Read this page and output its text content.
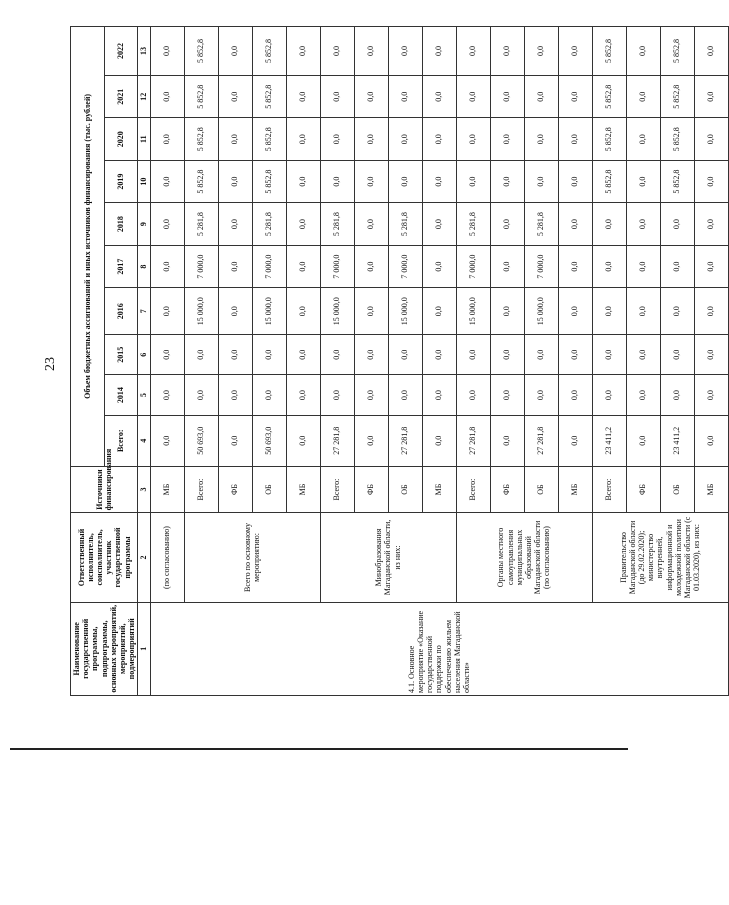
23
Наименование государственной программы, подпрограммы, основных мероприятий, мероприятий, подмероприятий	Ответственный исполнитель, соисполнитель, участник государственной программы	Источники финансирования	Объем бюджетных ассигнований и иных источников финансирования (тыс. рублей)									
			Всего:	2014	2015	2016	2017	2018	2019	2020	2021	2022
1	2	3	4	5	6	7	8	9	10	11	12	13
4.1. Основное мероприятие «Оказание государственной поддержки по обеспечению жильем населения Магаданской области»	(по согласованию)	МБ	0,0	0,0	0,0	0,0	0,0	0,0	0,0	0,0	0,0	0,0
	Всего по основному мероприятию:	Всего:	50 693,0	0,0	0,0	15 000,0	7 000,0	5 281,8	5 852,8	5 852,8	5 852,8	5 852,8
		ФБ	0,0	0,0	0,0	0,0	0,0	0,0	0,0	0,0	0,0	0,0
		ОБ	50 693,0	0,0	0,0	15 000,0	7 000,0	5 281,8	5 852,8	5 852,8	5 852,8	5 852,8
		МБ	0,0	0,0	0,0	0,0	0,0	0,0	0,0	0,0	0,0	0,0
	Минобразования Магаданской области, из них:	Всего:	27 281,8	0,0	0,0	15 000,0	7 000,0	5 281,8	0,0	0,0	0,0	0,0
		ФБ	0,0	0,0	0,0	0,0	0,0	0,0	0,0	0,0	0,0	0,0
		ОБ	27 281,8	0,0	0,0	15 000,0	7 000,0	5 281,8	0,0	0,0	0,0	0,0
		МБ	0,0	0,0	0,0	0,0	0,0	0,0	0,0	0,0	0,0	0,0
	Органы местного самоуправления муниципальных образований Магаданской области (по согласованию)	Всего:	27 281,8	0,0	0,0	15 000,0	7 000,0	5 281,8	0,0	0,0	0,0	0,0
		ФБ	0,0	0,0	0,0	0,0	0,0	0,0	0,0	0,0	0,0	0,0
		ОБ	27 281,8	0,0	0,0	15 000,0	7 000,0	5 281,8	0,0	0,0	0,0	0,0
		МБ	0,0	0,0	0,0	0,0	0,0	0,0	0,0	0,0	0,0	0,0
	Правительство Магаданской области (до 29.02.2020); министерство внутренней, информационной и молодежной политики Магаданской области (с 01.03.2020), из них:	Всего:	23 411,2	0,0	0,0	0,0	0,0	0,0	5 852,8	5 852,8	5 852,8	5 852,8
		ФБ	0,0	0,0	0,0	0,0	0,0	0,0	0,0	0,0	0,0	0,0
		ОБ	23 411,2	0,0	0,0	0,0	0,0	0,0	5 852,8	5 852,8	5 852,8	5 852,8
		МБ	0,0	0,0	0,0	0,0	0,0	0,0	0,0	0,0	0,0	0,0
